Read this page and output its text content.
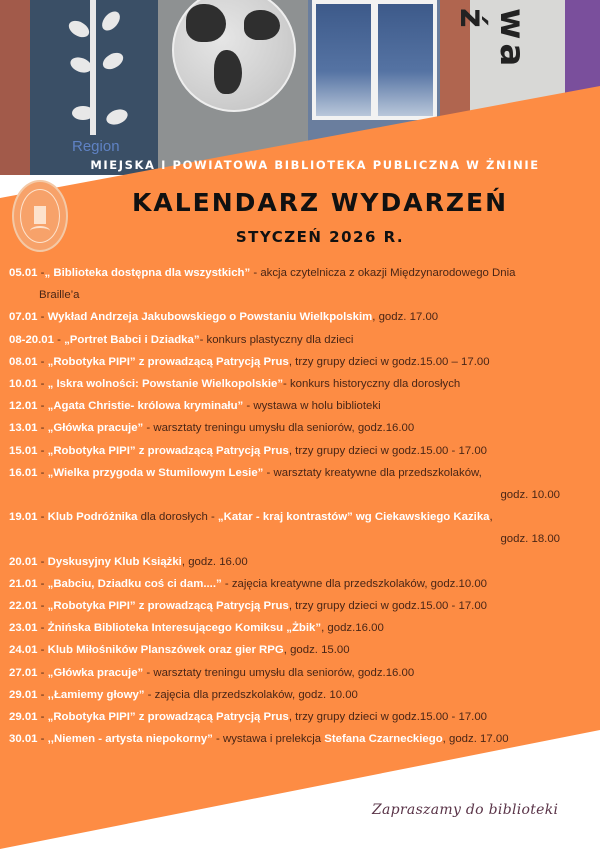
Region
wa ź
MIEJSKA I POWIATOWA BIBLIOTEKA PUBLICZNA W ŻNINIE
KALENDARZ WYDARZEŃ
STYCZEŃ 2026 R.
05.01 -„ Biblioteka dostępna dla wszystkich” - akcja czytelnicza z okazji Międzynarodowego Dnia
Braille’a
07.01 - Wykład Andrzeja Jakubowskiego o Powstaniu Wielkpolskim, godz. 17.00
08-20.01 - „Portret Babci i Dziadka”- konkurs plastyczny dla dzieci
08.01 - „Robotyka PIPI” z prowadzącą Patrycją Prus, trzy grupy dzieci w godz.15.00 – 17.00
10.01 - „ Iskra wolności: Powstanie Wielkopolskie”- konkurs historyczny dla dorosłych
12.01 - „Agata Christie- królowa kryminału” - wystawa w holu biblioteki
13.01 - „Główka pracuje” - warsztaty treningu umysłu dla seniorów, godz.16.00
15.01 - „Robotyka PIPI” z prowadzącą Patrycją Prus, trzy grupy dzieci w godz.15.00 - 17.00
16.01 - „Wielka przygoda w Stumilowym Lesie” - warsztaty kreatywne dla przedszkolaków,
godz. 10.00
19.01 - Klub Podróżnika dla dorosłych - „Katar - kraj kontrastów” wg Ciekawskiego Kazika,
godz. 18.00
20.01 - Dyskusyjny Klub Książki, godz. 16.00
21.01 - „Babciu, Dziadku coś ci dam....” - zajęcia kreatywne dla przedszkolaków, godz.10.00
22.01 - „Robotyka PIPI” z prowadzącą Patrycją Prus, trzy grupy dzieci w godz.15.00 - 17.00
23.01 - Żnińska Biblioteka Interesującego Komiksu „Żbik”, godz.16.00
24.01 - Klub Miłośników Planszówek oraz gier RPG, godz. 15.00
27.01 - „Główka pracuje” - warsztaty treningu umysłu dla seniorów, godz.16.00
29.01 - ,,Łamiemy głowy” - zajęcia dla przedszkolaków, godz. 10.00
29.01 - „Robotyka PIPI” z prowadzącą Patrycją Prus, trzy grupy dzieci w godz.15.00 - 17.00
30.01 - ,,Niemen - artysta niepokorny” - wystawa i prelekcja Stefana Czarneckiego, godz. 17.00
Zapraszamy do biblioteki
